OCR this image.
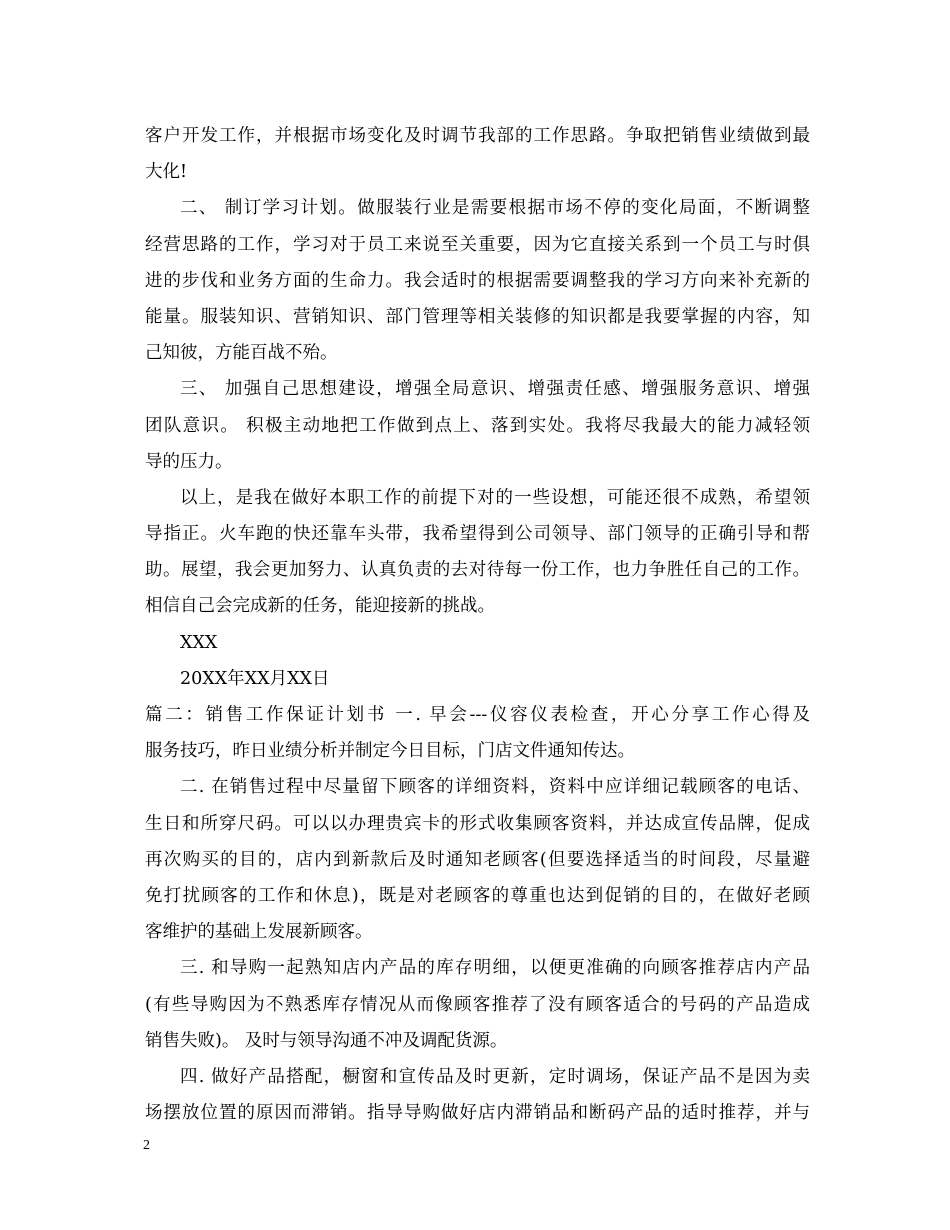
客户开发工作，并根据市场变化及时调节我部的工作思路。争取把销售业绩做到最
大化!
二、 制订学习计划。做服装行业是需要根据市场不停的变化局面，不断调整
经营思路的工作，学习对于员工来说至关重要，因为它直接关系到一个员工与时俱
进的步伐和业务方面的生命力。我会适时的根据需要调整我的学习方向来补充新的
能量。服装知识、营销知识、部门管理等相关装修的知识都是我要掌握的内容，知
己知彼，方能百战不殆。
三、 加强自己思想建设，增强全局意识、增强责任感、增强服务意识、增强
团队意识。 积极主动地把工作做到点上、落到实处。我将尽我最大的能力减轻领
导的压力。
以上，是我在做好本职工作的前提下对的一些设想，可能还很不成熟，希望领
导指正。火车跑的快还靠车头带，我希望得到公司领导、部门领导的正确引导和帮
助。展望，我会更加努力、认真负责的去对待每一份工作，也力争胜任自己的工作。
相信自己会完成新的任务，能迎接新的挑战。
XXX
20XX年XX月XX日
篇二：销售工作保证计划书 一. 早会---仪容仪表检查，开心分享工作心得及
服务技巧，昨日业绩分析并制定今日目标，门店文件通知传达。
二. 在销售过程中尽量留下顾客的详细资料，资料中应详细记载顾客的电话、
生日和所穿尺码。可以以办理贵宾卡的形式收集顾客资料，并达成宣传品牌，促成
再次购买的目的，店内到新款后及时通知老顾客(但要选择适当的时间段，尽量避
免打扰顾客的工作和休息)，既是对老顾客的尊重也达到促销的目的，在做好老顾
客维护的基础上发展新顾客。
三. 和导购一起熟知店内产品的库存明细，以便更准确的向顾客推荐店内产品
(有些导购因为不熟悉库存情况从而像顾客推荐了没有顾客适合的号码的产品造成
销售失败)。 及时与领导沟通不冲及调配货源。
四. 做好产品搭配，橱窗和宣传品及时更新，定时调场，保证产品不是因为卖
场摆放位置的原因而滞销。指导导购做好店内滞销品和断码产品的适时推荐，并与
2
